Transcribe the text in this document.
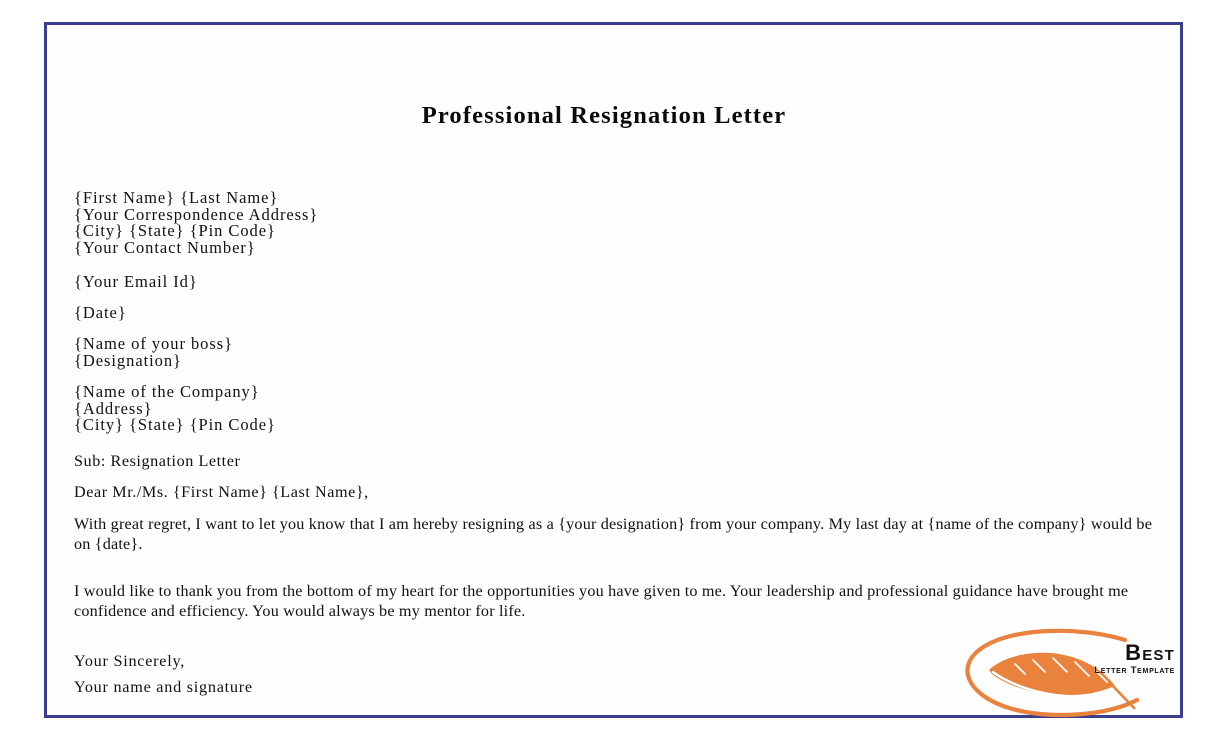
Professional Resignation Letter
{First Name} {Last Name}
{Your Correspondence Address}
{City} {State} {Pin Code}
{Your Contact Number}
{Your Email Id}
{Date}
{Name of your boss}
{Designation}
{Name of the Company}
{Address}
{City} {State} {Pin Code}
Sub: Resignation Letter
Dear Mr./Ms. {First Name} {Last Name},
With great regret, I want to let you know that I am hereby resigning as a {your designation} from your company. My last day at {name of the company} would be on {date}.
I would like to thank you from the bottom of my heart for the opportunities you have given to me. Your leadership and professional guidance have brought me confidence and efficiency. You would always be my mentor for life.
Your Sincerely,
Your name and signature
Best
Letter Template
